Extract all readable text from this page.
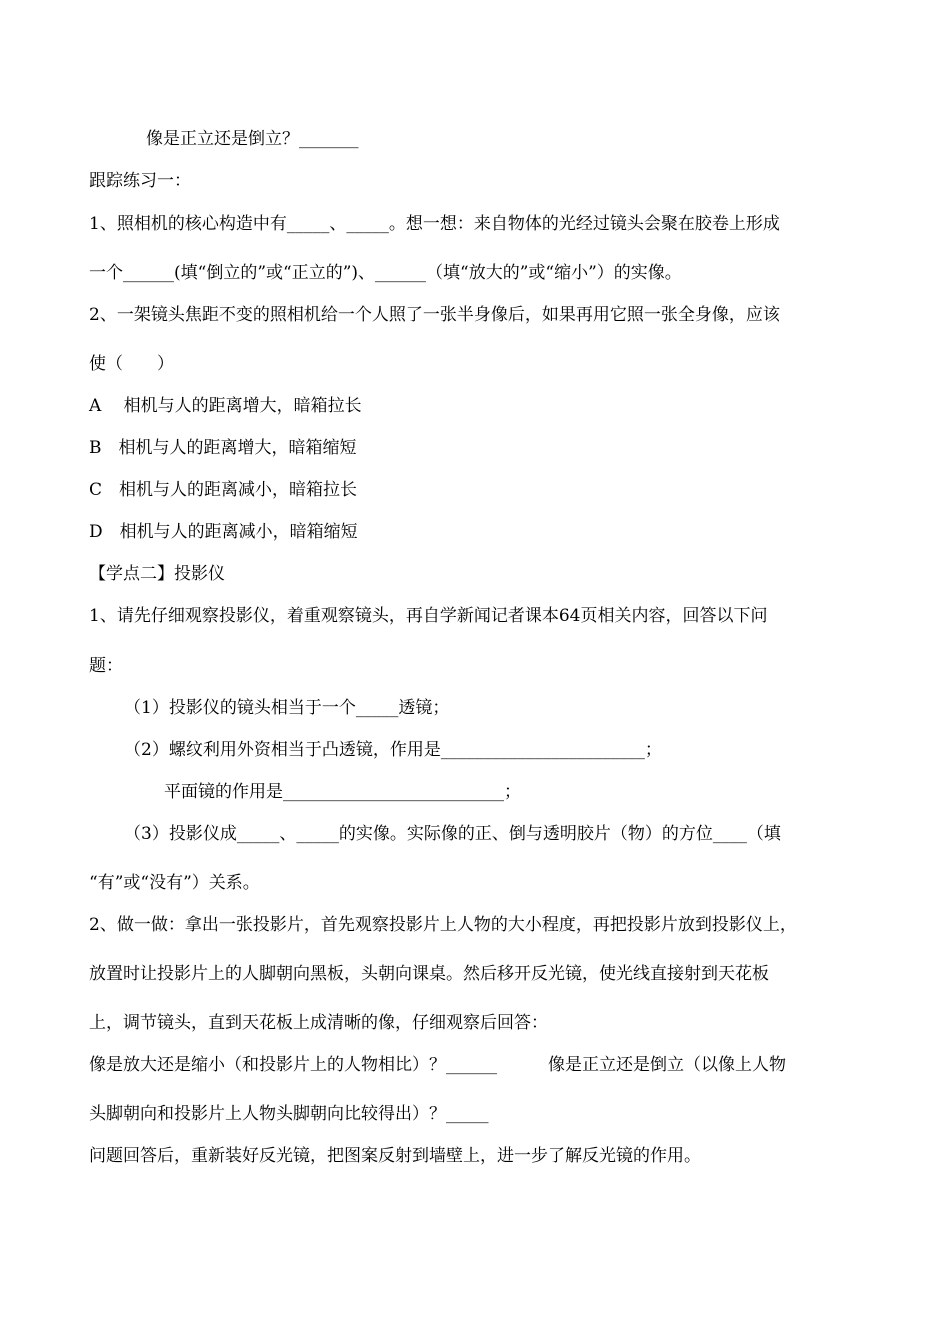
像是正立还是倒立？_______
跟踪练习一：
1、照相机的核心构造中有_____、_____。想一想：来自物体的光经过镜头会聚在胶卷上形成
一个______(填“倒立的”或“正立的”)、______（填“放大的”或“缩小”）的实像。
2、一架镜头焦距不变的照相机给一个人照了一张半身像后，如果再用它照一张全身像，应该
使（　　）
A　 相机与人的距离增大，暗箱拉长
B　相机与人的距离增大，暗箱缩短
C　相机与人的距离减小，暗箱拉长
D　相机与人的距离减小，暗箱缩短
【学点二】投影仪
1、请先仔细观察投影仪，着重观察镜头，再自学新闻记者课本64页相关内容，回答以下问
题：
（1）投影仪的镜头相当于一个_____透镜；
（2）螺纹利用外资相当于凸透镜，作用是________________________；
平面镜的作用是__________________________；
（3）投影仪成_____、_____的实像。实际像的正、倒与透明胶片（物）的方位____（填
“有”或“没有”）关系。
2、做一做：拿出一张投影片，首先观察投影片上人物的大小程度，再把投影片放到投影仪上，
放置时让投影片上的人脚朝向黑板，头朝向课桌。然后移开反光镜，使光线直接射到天花板
上，调节镜头，直到天花板上成清晰的像，仔细观察后回答：
像是放大还是缩小（和投影片上的人物相比）？______　　　像是正立还是倒立（以像上人物
头脚朝向和投影片上人物头脚朝向比较得出）？_____
问题回答后，重新装好反光镜，把图案反射到墙壁上，进一步了解反光镜的作用。
